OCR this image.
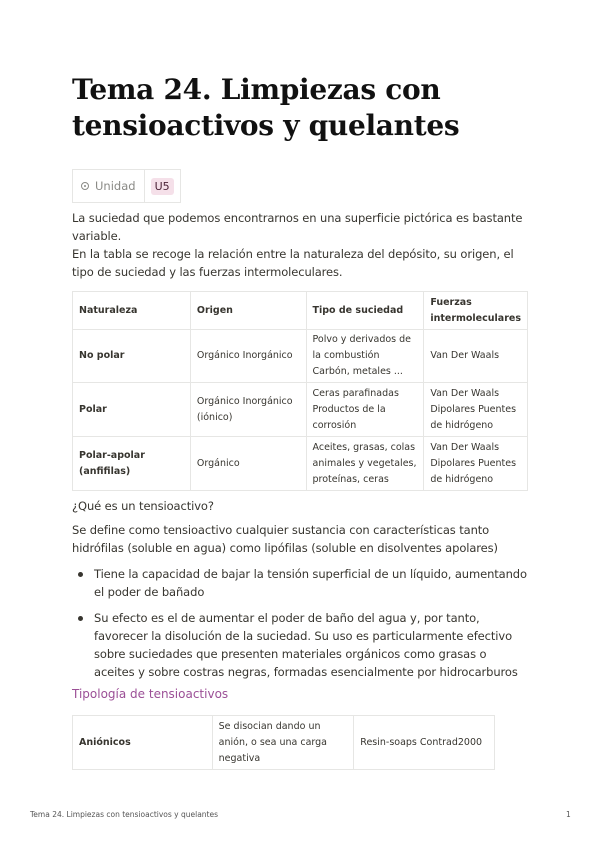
Tema 24. Limpiezas con tensioactivos y quelantes
Unidad	U5

La suciedad que podemos encontrarnos en una superficie pictórica es bastante variable.

En la tabla se recoge la relación entre la naturaleza del depósito, su origen, el tipo de suciedad y las fuerzas intermoleculares.

Naturaleza	Origen	Tipo de suciedad	Fuerzas intermoleculares
No polar	Orgánico Inorgánico	Polvo y derivados de la combustión Carbón, metales ...	Van Der Waals
Polar	Orgánico Inorgánico (iónico)	Ceras parafinadas Productos de la corrosión	Van Der Waals Dipolares Puentes de hidrógeno
Polar-apolar (anfifilas)	Orgánico	Aceites, grasas, colas animales y vegetales, proteínas, ceras	Van Der Waals Dipolares Puentes de hidrógeno

¿Qué es un tensioactivo?

Se define como tensioactivo cualquier sustancia con características tanto hidrófilas (soluble en agua) como lipófilas (soluble en disolventes apolares)

Tiene la capacidad de bajar la tensión superficial de un líquido, aumentando el poder de bañado
Su efecto es el de aumentar el poder de baño del agua y, por tanto, favorecer la disolución de la suciedad. Su uso es particularmente efectivo sobre suciedades que presenten materiales orgánicos como grasas o aceites y sobre costras negras, formadas esencialmente por hidrocarburos

Tipología de tensioactivos

Aniónicos	Se disocian dando un anión, o sea una carga negativa	Resin-soaps Contrad2000
Tema 24. Limpiezas con tensioactivos y quelantes	1
